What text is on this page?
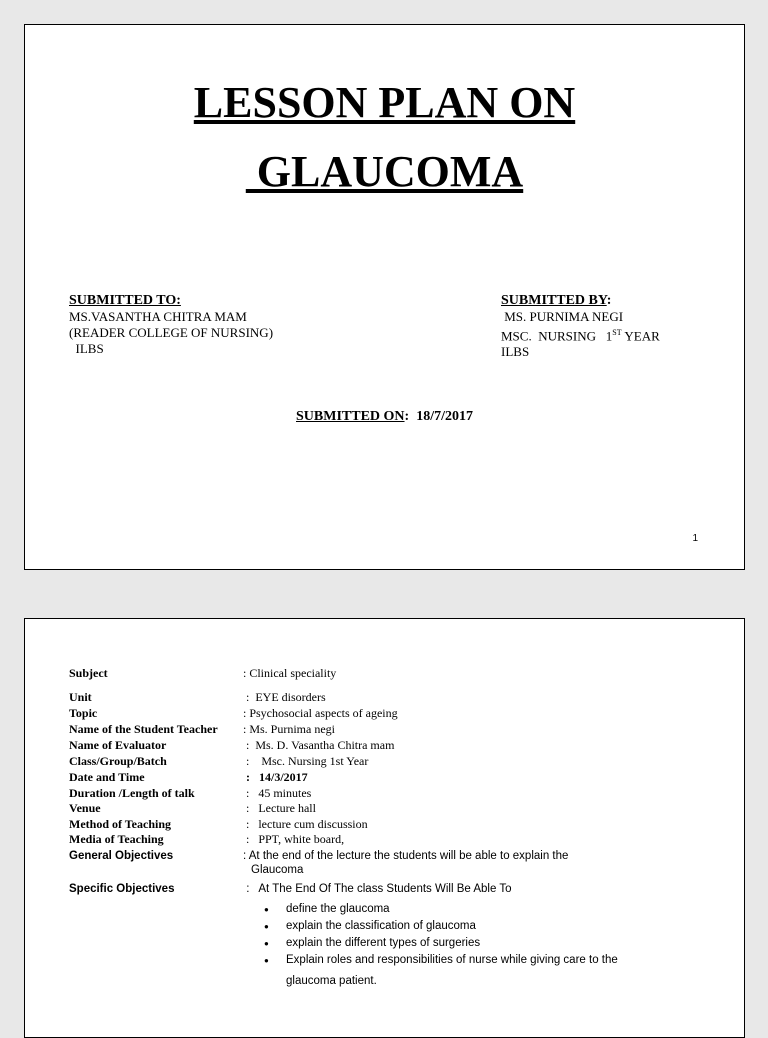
LESSON PLAN ON
GLAUCOMA
SUBMITTED TO:
MS.VASANTHA CHITRA MAM
(READER COLLEGE OF NURSING)
ILBS
SUBMITTED BY:
MS. PURNIMA NEGI
MSC.  NURSING   1ST YEAR
ILBS
SUBMITTED ON:  18/7/2017
1
Subject	: Clinical speciality
Unit	:  EYE disorders
Topic	: Psychosocial aspects of ageing
Name of the Student Teacher : Ms. Purnima negi
Name of Evaluator	:  Ms. D. Vasantha Chitra mam
Class/Group/Batch	:    Msc. Nursing 1st Year
Date and Time	:   14/3/2017
Duration /Length of talk	:   45 minutes
Venue	:   Lecture hall
Method of Teaching	:   lecture cum discussion
Media of Teaching	:   PPT, white board,
General Objectives	: At the end of the lecture the students will be able to explain the
Glaucoma
Specific Objectives	:   At The End Of The class Students Will Be Able To
● define the glaucoma
● explain the classification of glaucoma
● explain the different types of surgeries
● Explain roles and responsibilities of nurse while giving care to the
glaucoma patient.
